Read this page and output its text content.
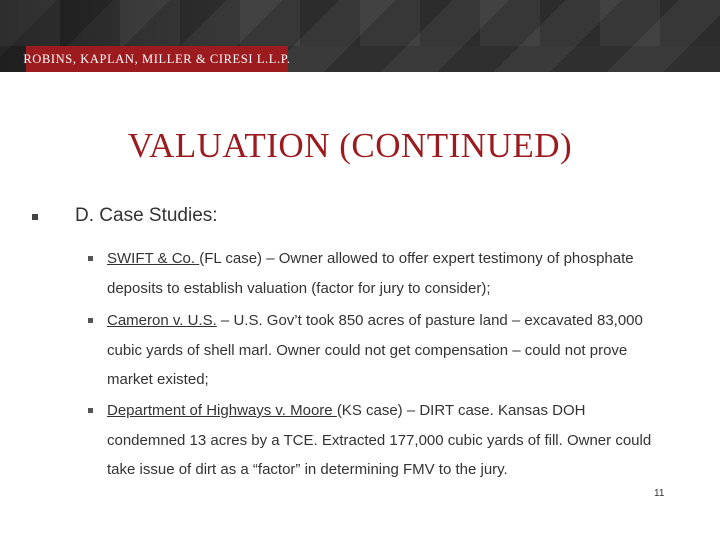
ROBINS, KAPLAN, MILLER & CIRESI L.L.P.
VALUATION (CONTINUED)
D. Case Studies:
SWIFT & Co. (FL case) – Owner allowed to offer expert testimony of phosphate deposits to establish valuation (factor for jury to consider);
Cameron v. U.S. – U.S. Gov’t took 850 acres of pasture land – excavated 83,000 cubic yards of shell marl. Owner could not get compensation – could not prove market existed;
Department of Highways v. Moore (KS case) – DIRT case. Kansas DOH condemned 13 acres by a TCE. Extracted 177,000 cubic yards of fill. Owner could take issue of dirt as a “factor” in determining FMV to the jury.
11
